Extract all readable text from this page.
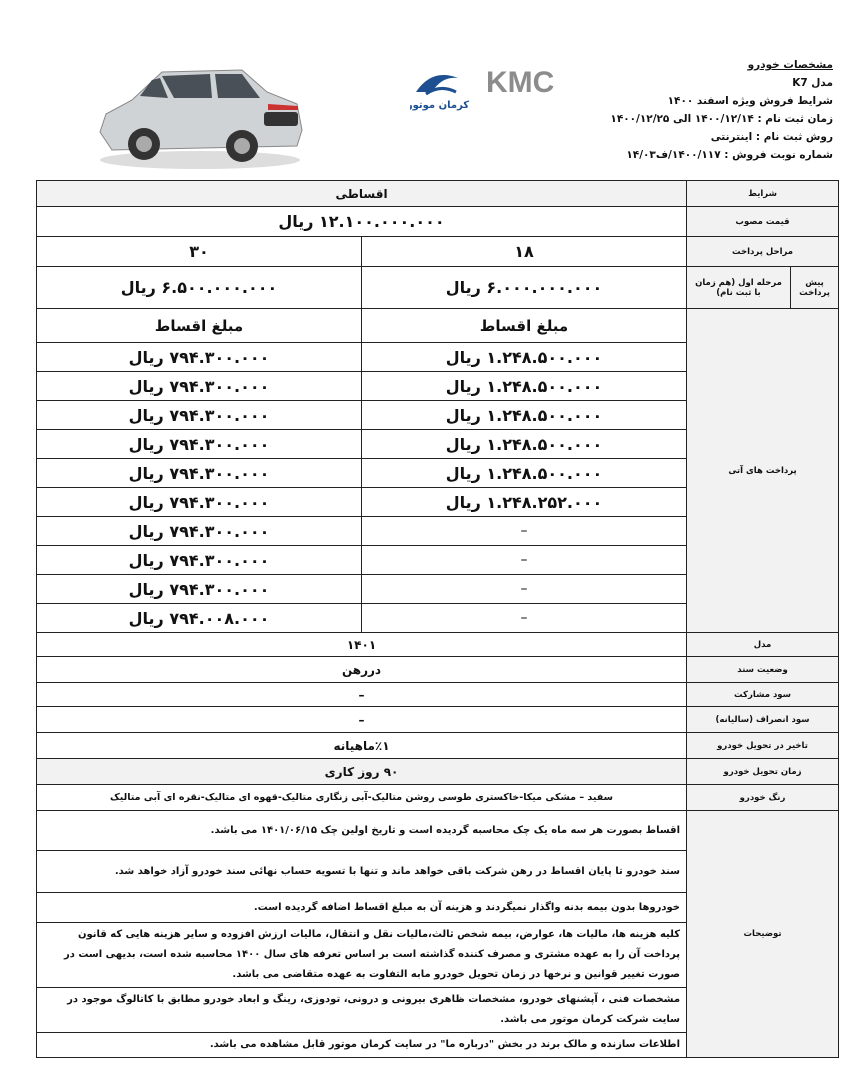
KMC
کرمان موتور
مشخصات خودرو
مدل K7
شرایط فروش ویژه اسفند ۱۴۰۰
زمان ثبت نام : ۱۴۰۰/۱۲/۱۴ الی ۱۴۰۰/۱۲/۲۵
روش ثبت نام : اینترنتی
شماره نوبت فروش : ۱۴۰۰/۱۱۷/ف۱۴/۰۳
شرایط		اقساطی	
قیمت مصوب		۱۲.۱۰۰.۰۰۰.۰۰۰ ریال	
مراحل پرداخت		۱۸	۳۰
پیش پرداخت	مرحله اول (هم زمان با ثبت نام)	۶.۰۰۰.۰۰۰.۰۰۰ ریال	۶.۵۰۰.۰۰۰.۰۰۰ ریال
پرداخت های آتی		مبلغ اقساط	مبلغ اقساط
		۱.۲۴۸.۵۰۰.۰۰۰ ریال	۷۹۴.۳۰۰.۰۰۰ ریال
		۱.۲۴۸.۵۰۰.۰۰۰ ریال	۷۹۴.۳۰۰.۰۰۰ ریال
		۱.۲۴۸.۵۰۰.۰۰۰ ریال	۷۹۴.۳۰۰.۰۰۰ ریال
		۱.۲۴۸.۵۰۰.۰۰۰ ریال	۷۹۴.۳۰۰.۰۰۰ ریال
		۱.۲۴۸.۵۰۰.۰۰۰ ریال	۷۹۴.۳۰۰.۰۰۰ ریال
		۱.۲۴۸.۲۵۲.۰۰۰ ریال	۷۹۴.۳۰۰.۰۰۰ ریال
		–	۷۹۴.۳۰۰.۰۰۰ ریال
		–	۷۹۴.۳۰۰.۰۰۰ ریال
		–	۷۹۴.۳۰۰.۰۰۰ ریال
		–	۷۹۴.۰۰۸.۰۰۰ ریال
مدل		۱۴۰۱	
وضعیت سند		دررهن	
سود مشارکت		–	
سود انصراف (سالیانه)		–	
تاخیر در تحویل خودرو		٪۱ماهیانه	
زمان تحویل خودرو		۹۰ روز کاری	
رنگ خودرو		سفید – مشکی میکا-خاکستری طوسی روشن متالیک-آبی زنگاری متالیک-قهوه ای متالیک-نقره ای آبی متالیک	
توضیحات		اقساط بصورت هر سه ماه یک چک محاسبه گردیده است و تاریخ اولین چک ۱۴۰۱/۰۶/۱۵ می باشد.	
		سند خودرو تا پایان اقساط در رهن شرکت باقی خواهد ماند و تنها با تسویه حساب نهائی سند خودرو آزاد خواهد شد.	
		خودروها بدون بیمه بدنه واگذار نمیگردند و هزینه آن به مبلغ اقساط اضافه گردیده است.	
		کلیه هزینه ها، مالیات ها، عوارض، بیمه شخص ثالث،مالیات نقل و انتقال، مالیات ارزش افزوده و سایر هزینه هایی که قانون پرداخت آن را به عهده مشتری و مصرف کننده گذاشته است بر اساس تعرفه های سال ۱۴۰۰ محاسبه شده است، بدیهی است در صورت تغییر قوانین و نرخها در زمان تحویل خودرو مابه التفاوت به عهده متقاضی می باشد.	
		مشخصات فنی ، آپشنهای خودرو، مشخصات ظاهری بیرونی و درونی، تودوزی، رینگ و ابعاد خودرو مطابق با کاتالوگ موجود در سایت شرکت کرمان موتور می باشد.	
		اطلاعات سازنده و مالک برند در بخش "درباره ما" در سایت کرمان موتور قابل مشاهده می باشد.	
